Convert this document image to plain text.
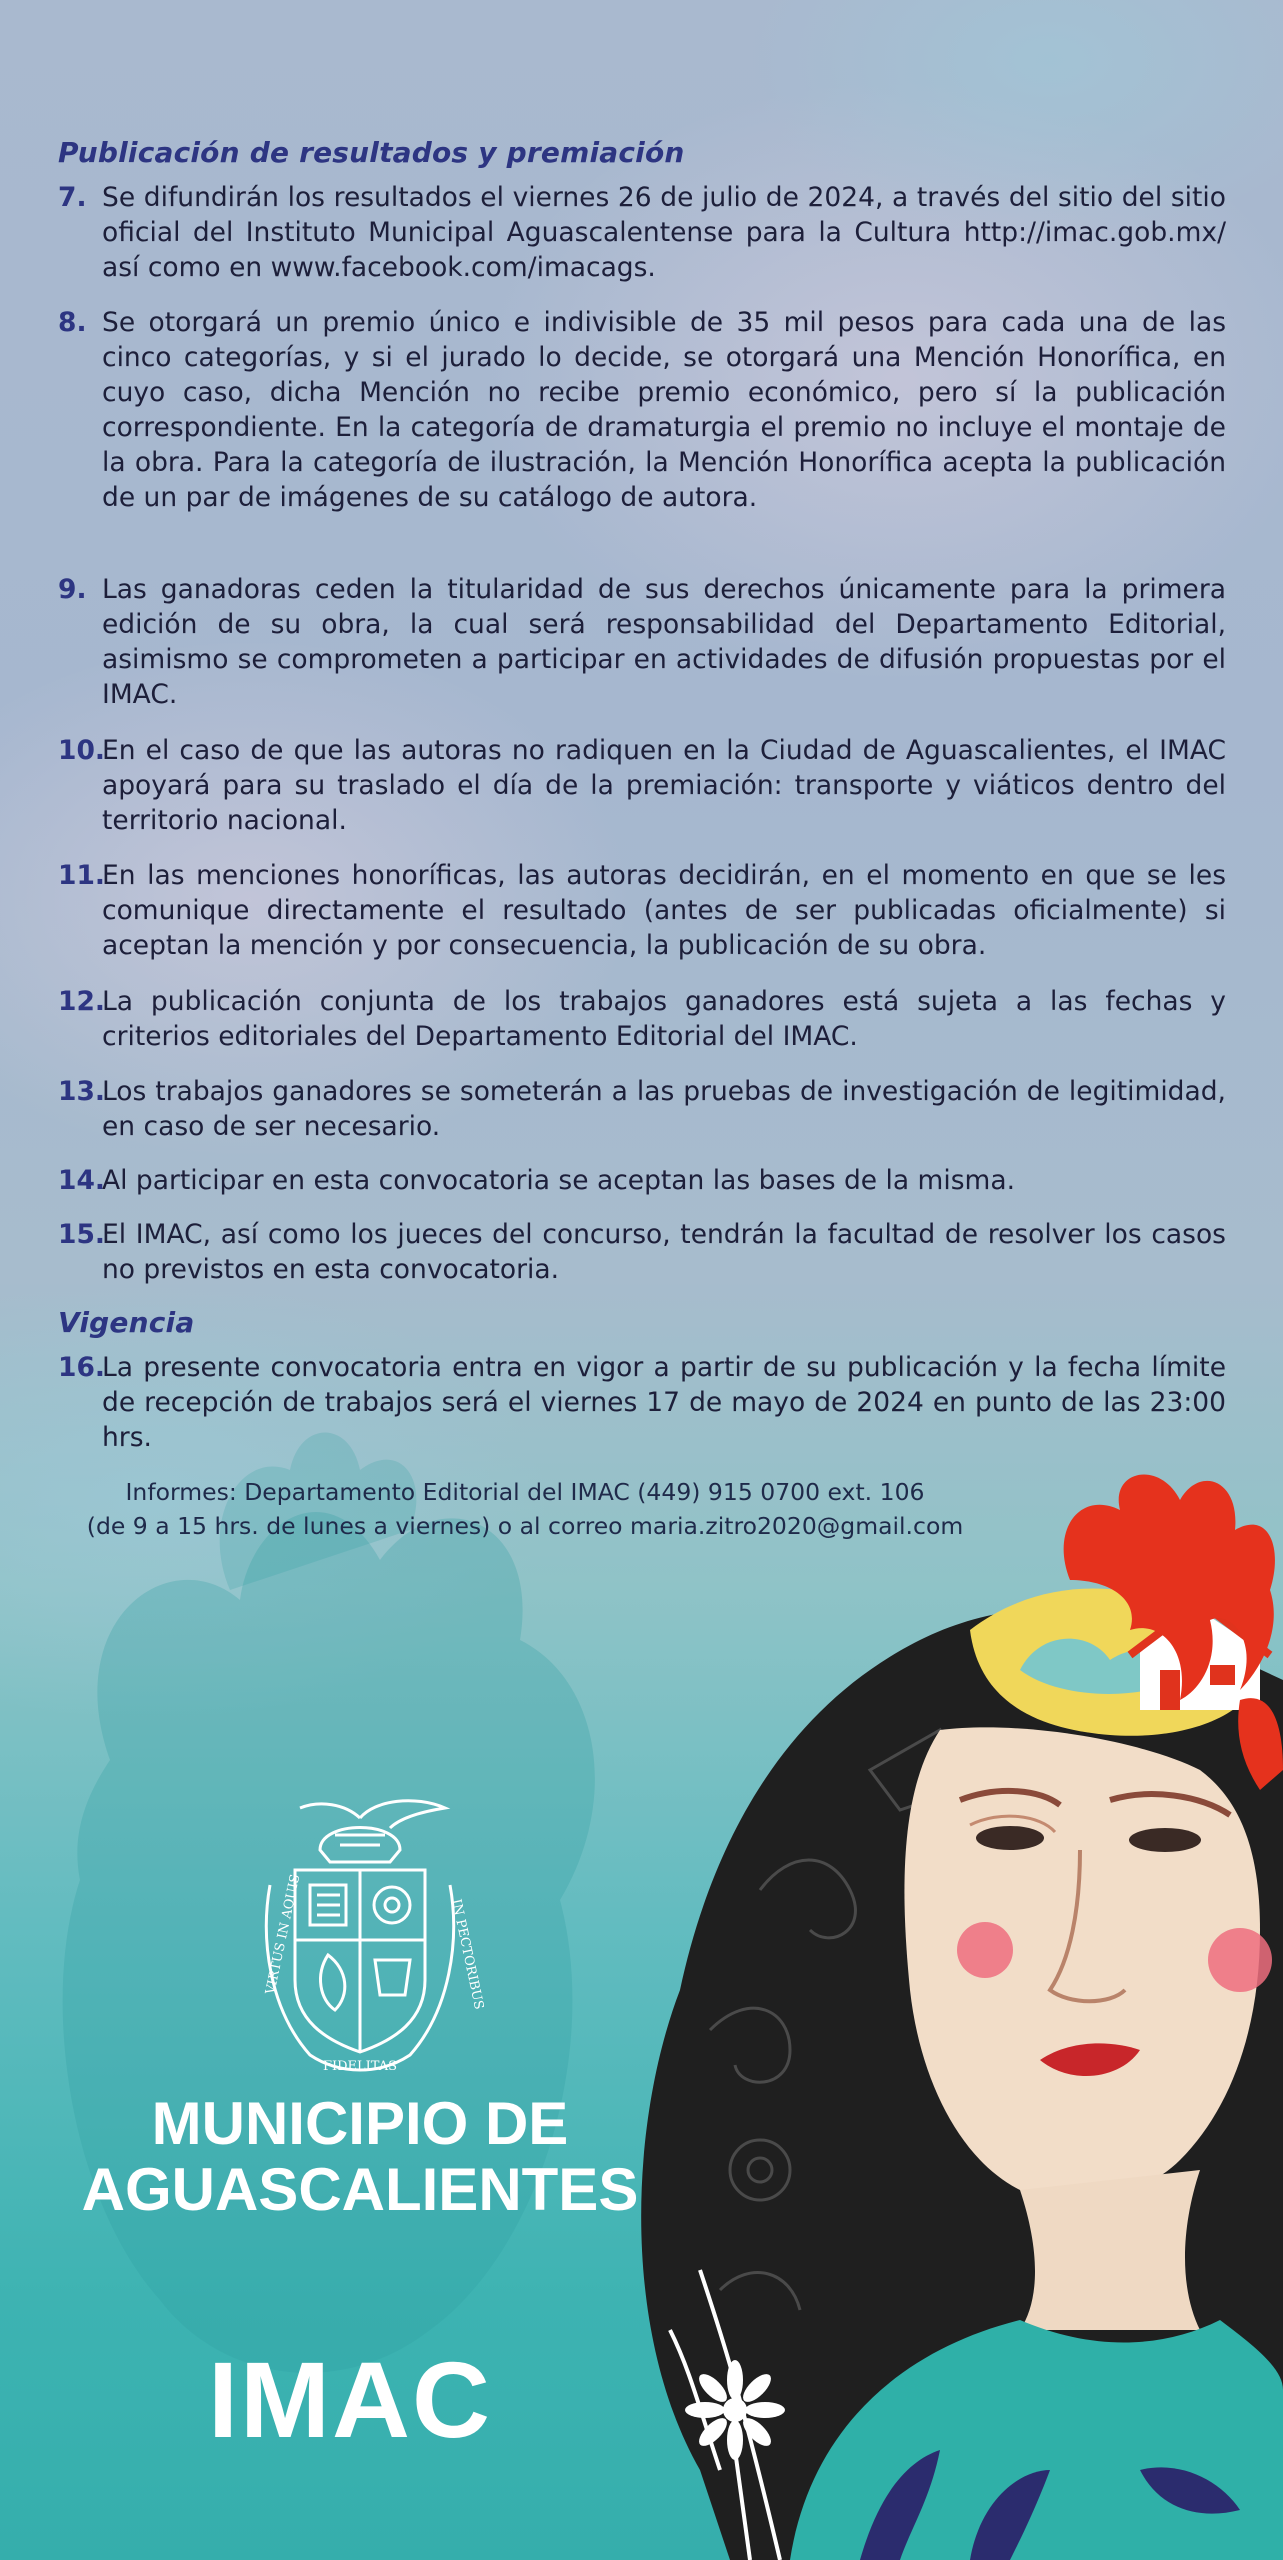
Publicación de resultados y premiación
7. Se difundirán los resultados el viernes 26 de julio de 2024, a través del sitio del sitio oficial del Instituto Municipal Aguascalentense para la Cultura http://imac.gob.mx/ así como en www.facebook.com/imacags.

8. Se otorgará un premio único e indivisible de 35 mil pesos para cada una de las cinco categorías, y si el jurado lo decide, se otorgará una Mención Honorífica, en cuyo caso, dicha Mención no recibe premio económico, pero sí la publicación correspondiente. En la categoría de dramaturgia el premio no incluye el montaje de la obra. Para la categoría de ilustración, la Mención Honorífica acepta la publicación de un par de imágenes de su catálogo de autora.

9. Las ganadoras ceden la titularidad de sus derechos únicamente para la primera edición de su obra, la cual será responsabilidad del Departamento Editorial, asimismo se comprometen a participar en actividades de difusión propuestas por el IMAC.

10.

En el caso de que las autoras no radiquen en la Ciudad de Aguascalientes, el IMAC apoyará para su traslado el día de la premiación: transporte y viáticos dentro del territorio nacional.

11.

En las menciones honoríficas, las autoras decidirán, en el momento en que se les comunique directamente el resultado (antes de ser publicadas oficialmente) si aceptan la mención y por consecuencia, la publicación de su obra.

12.

La publicación conjunta de los trabajos ganadores está sujeta a las fechas y criterios editoriales del Departamento Editorial del IMAC.

13.

Los trabajos ganadores se someterán a las pruebas de investigación de legitimidad, en caso de ser necesario.

14.

Al participar en esta convocatoria se aceptan las bases de la misma.

15.

El IMAC, así como los jueces del concurso, tendrán la facultad de resolver los casos no previstos en esta convocatoria.

Vigencia
16.

La presente convocatoria entra en vigor a partir de su publicación y la fecha límite de recepción de trabajos será el viernes 17 de mayo de 2024 en punto de las 23:00 hrs.

Informes: Departamento Editorial del IMAC (449) 915 0700 ext. 106
(de 9 a 15 hrs. de lunes a viernes) o al correo maria.zitro2020@gmail.com
VIRTUS IN AQUIS
FIDELITAS
IN PECTORIBUS
MUNICIPIO DE
AGUASCALIENTES
IMAC
